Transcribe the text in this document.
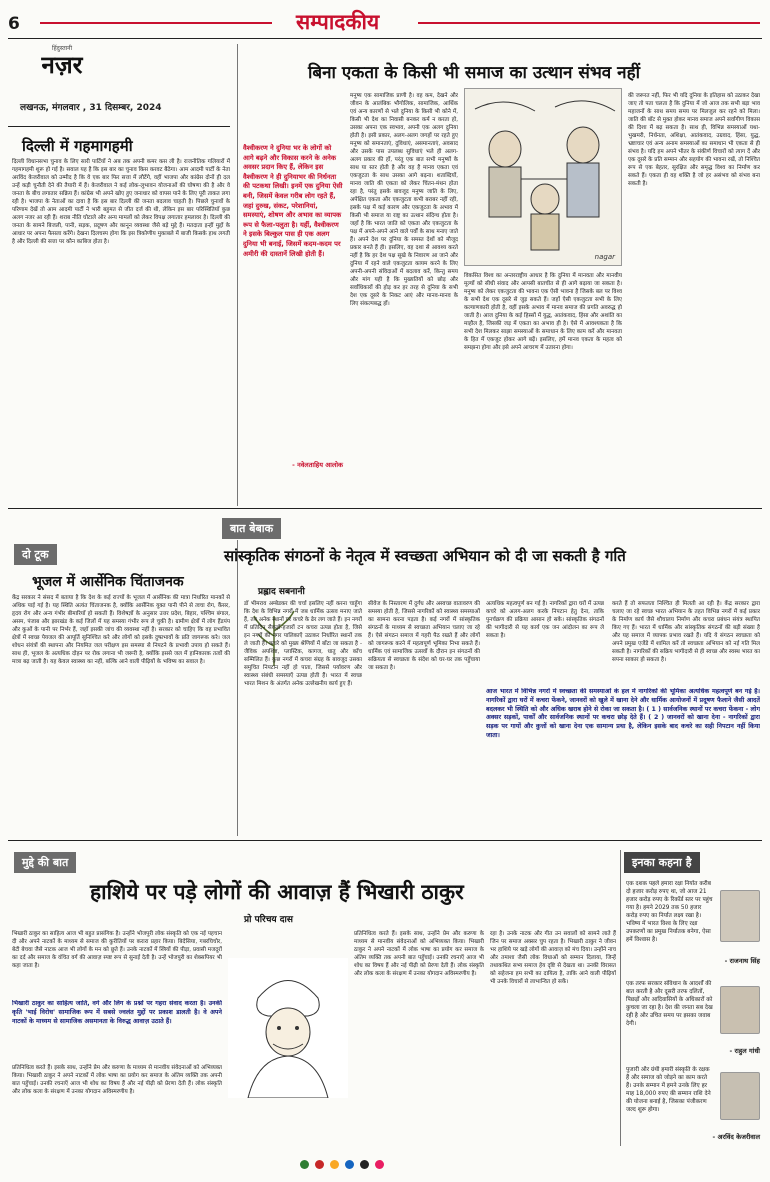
6	सम्पादकीय
हिंदुस्तानी
नज़र
लखनऊ, मंगलवार , 31 दिसम्बर, 2024
दिल्ली में गहमागहमी
दिल्ली विधानसभा चुनाव के लिए सारी पार्टियों ने अब तक अपनी कमर कस ली है। राजनीतिक गलियारों में गहमागहमी शुरू हो गई है। सवाल यह है कि इस बार का चुनाव किस करवट बैठेगा। आम आदमी पार्टी के नेता अरविंद केजरीवाल को उम्मीद है कि वे एक बार फिर सत्ता में लौटेंगे, वहीं भाजपा और कांग्रेस दोनों ही दल उन्हें कड़ी चुनौती देने की तैयारी में हैं। केजरीवाल ने कई लोक-लुभावन योजनाओं की घोषणा की है और वे जनता के बीच लगातार सक्रिय हैं। कांग्रेस भी अपने खोए हुए जनाधार को वापस पाने के लिए पूरी ताकत लगा रही है। भाजपा के नेताओं का दावा है कि इस बार दिल्ली की जनता बदलाव चाहती है। पिछले चुनावों के परिणाम देखें तो आम आदमी पार्टी ने भारी बहुमत से जीत दर्ज की थी, लेकिन इस बार परिस्थितियाँ कुछ अलग नजर आ रही हैं। शराब नीति घोटाले और अन्य मामलों को लेकर विपक्ष लगातार हमलावर है। दिल्ली की जनता के सामने बिजली, पानी, सड़क, प्रदूषण और कानून व्यवस्था जैसे बड़े मुद्दे हैं। मतदाता इन्हीं मुद्दों के आधार पर अपना फैसला करेंगे। देखना दिलचस्प होगा कि इस त्रिकोणीय मुकाबले में बाजी किसके हाथ लगती है और दिल्ली की सत्ता पर कौन काबिज होता है।
बिना एकता के किसी भी समाज का उत्थान संभव नहीं
वैश्वीकरण ने दुनिया भर के लोगों को आगे बढ़ने और विकास करने के अनेक अवसर प्रदान किए हैं, लेकिन इस वैश्वीकरण ने ही दुनियाभर की निर्धनता की पटकथा लिखी। इनमें एक दुनिया ऐसी बनी, जिसमें केवल गरीब लोग रहते हैं, जहां दुरुख, संकट, परेशानियां, समस्याएं, शोषण और अभाव का व्यापक रूप से फैला-पलुता है। यहीं, वैश्वीकरण ने इसके बिल्कुल पास ही एक अलग दुनिया भी बनाई, जिसमें कदम-कदम पर अमीरी की दास्तानें लिखी होती हैं।
- नवेलताहिय आलोक
मनुष्य एक सामाजिक प्राणी है। वह कम, देखने और जीवन के आलंबिक भौगोलिक, सामाजिक, आर्थिक एवं अन्य कारणों से भले दुनिया के किसी भी कोने में, किसी भी देश का निवासी बनकर कर्म न करता हो, उसका अपना एक स्वभाव, अपनी एक अलग दुनिया होती है। इसी प्रकार, अलग-अलग जगहों पर रहते हुए मनुष्य को समानताएं, दुविधाएं, असमानताएं, अवसाद और उसके पास उपलब्ध सुविधाएं भले ही अलग-अलग प्रकार की हों, परंतु एक बात सभी मनुष्यों के साथ या स्तर होती है और वह है मानव एकता एवं एकजुटता के साथ उसका आगे बढ़ना। शताब्दियों, मानव जाति की एकता को लेकर चिंतन-मंथन होता रहा है, परंतु इसके बावजूद मनुष्य जाति के लिए, अपेक्षित एकता और एकजुटता कभी बराबर नहीं रही, इसके पक्ष में कई कारण और एकजुटता के अभाव में किसी भी समाज या राष्ट्र का उत्थान संदिग्ध होता है। जहाँ है कि भारत जाति को एकता और एकजुटता के पक्ष में अपने-अपने आने वाले पर्वों के साथ मनाए जाते हैं। अपने देश पर दुनिया के समस्त देशों को मौजूद प्रकार बनते हैं ही। इसलिए, वह दशा से आवश्य करते नहीं है कि हर देश पक्ष सूखे के निवारण आ जाने और दुनिया में रहने वाले एकजुटता कायम करने के लिए अपनी-अपनी संविदाओं में बदलाव करें, किन्तु समय और मांग यही है कि मुख्यतियों को छोड़ और सर्वाधिकारों की होड़ कर हर तरह से दुनिया के सभी देश एक दूसरे के निकट आएं और मानव-मानव के लिए संकल्पबद्ध हों।
nagar
विकसित विश्व का अन्तरराष्ट्रीय आधार है कि दुनिया में मानवता और मानवीय मूल्यों को सीधी संवाद और आपसी बातचीत से ही आगे बढ़ाया जा सकता है। मनुष्य को लेकर एकजुटता की भावना एक ऐसी भावना है जिसके बल पर विश्व के सभी देश एक दूसरे से जुड़ सकते हैं। जहाँ ऐसी एकजुटता सभी के लिए कल्याणकारी होती है, वहीं इसके अभाव में मानव समाज की प्रगति अवरुद्ध हो जाती है। आज दुनिया के कई हिस्सों में युद्ध, आतंकवाद, हिंसा और अशांति का माहौल है, जिसकी जड़ में एकता का अभाव ही है। ऐसे में आवश्यकता है कि सभी देश मिलकर साझा समस्याओं के समाधान के लिए काम करें और मानवता के हित में एकजुट होकर आगे बढ़ें। इसलिए, हमें मानव एकता के महत्व को समझना होगा और इसे अपने आचरण में उतारना होगा।
की जरूरत नहीं, फिर भी यदि दुनिया के इतिहास को उठाकर देखा जाए तो पता चलता है कि दुनिया में जो आज तक सभी बड़ा भाव महाजनों के साथ समय समय पर मिलजुल कर रहने को मिला। जाति की बाँट से मुक्त होकर मानव समाज अपने सर्वांगीण विकास की दिशा में बढ़ सकता है। साथ ही, विभिन्न समस्याओं यथा-भुखमरी, निर्धनता, अशिक्षा, आतंकवाद, उग्रवाद, हिंसा, युद्ध, भ्रष्टाचार एवं अन्य अनाम समस्याओं का समाधान भी एकता से ही संभव है। यदि हम अपने भीतर के संकीर्ण विचारों को त्याग दें और एक दूसरे के प्रति सम्मान और सहयोग की भावना रखें, तो निश्चित रूप से एक बेहतर, सुरक्षित और समृद्ध विश्व का निर्माण कर सकते हैं। एकता ही वह शक्ति है जो हर असंभव को संभव बना सकती है।
दो टूक
भूजल में आर्सेनिक चिंताजनक
केंद्र सरकार ने संसद में बताया है कि देश के कई राज्यों के भूजल में आर्सेनिक की मात्रा निर्धारित मानकों से अधिक पाई गई है। यह स्थिति अत्यंत चिंताजनक है, क्योंकि आर्सेनिक युक्त पानी पीने से त्वचा रोग, कैंसर, हृदय रोग और अन्य गंभीर बीमारियाँ हो सकती हैं। विशेषज्ञों के अनुसार उत्तर प्रदेश, बिहार, पश्चिम बंगाल, असम, पंजाब और झारखंड के कई जिलों में यह समस्या गंभीर रूप ले चुकी है। ग्रामीण क्षेत्रों में लोग हैंडपंप और कुओं के पानी पर निर्भर हैं, जहाँ इसकी जांच की व्यवस्था नहीं है। सरकार को चाहिए कि वह प्रभावित क्षेत्रों में स्वच्छ पेयजल की आपूर्ति सुनिश्चित करे और लोगों को इसके दुष्प्रभावों के प्रति जागरूक करे। जल शोधन संयंत्रों की स्थापना और नियमित जल परीक्षण इस समस्या से निपटने के प्रभावी उपाय हो सकते हैं। साथ ही, भूजल के अत्यधिक दोहन पर रोक लगाना भी जरूरी है, क्योंकि इससे जल में हानिकारक तत्वों की मात्रा बढ़ जाती है। यह केवल स्वास्थ्य का नहीं, बल्कि आने वाली पीढ़ियों के भविष्य का सवाल है।
बात बेबाक
सांस्कृतिक संगठनों के नेतृत्व में स्वच्छता अभियान को दी जा सकती है गति
प्रह्लाद सबनानी
डॉ भीमराव अम्बेडकर की चर्चा इसलिए नहीं करना चाहूँगा कि देश के विभिन्न नगरों में जब धार्मिक उत्सव मनाए जाते हैं, तब अनेक स्थानों पर कचरे के ढेर लग जाते हैं। इन नगरों में प्रतिदिन सैकड़ों-हजारों टन कचरा उत्पन्न होता है, जिसे इन नगरों की नगर पालिकाएँ उठाकर निर्धारित स्थानों तक ले जाती हैं। कचरे को मुख्य श्रेणियों में बाँटा जा सकता है - जैविक अपशिष्ट, प्लास्टिक, कागज, धातु और काँच सम्मिलित हैं। कुछ नगरों में कचरा संग्रह के बावजूद उसका समुचित निपटान नहीं हो पाता, जिससे पर्यावरण और स्वास्थ्य संबंधी समस्याएँ उत्पन्न होती हैं। भारत में स्वच्छ भारत मिशन के अंतर्गत अनेक उल्लेखनीय कार्य हुए हैं।
सीवेज के निस्तारण में दुर्गंध और अस्वच्छ वातावरण की समस्या होती है, जिससे नागरिकों को स्वास्थ्य समस्याओं का सामना करना पड़ता है। कई नगरों में सांस्कृतिक संगठनों के माध्यम से स्वच्छता अभियान चलाए जा रहे हैं। ऐसे संगठन समाज में गहरी पैठ रखते हैं और लोगों को जागरूक करने में महत्वपूर्ण भूमिका निभा सकते हैं। धार्मिक एवं सामाजिक उत्सवों के दौरान इन संगठनों की सक्रियता से स्वच्छता के संदेश को घर-घर तक पहुँचाया जा सकता है।
अत्यधिक महत्वपूर्ण बन गई है। नागरिकों द्वारा घरों में उत्पन्न कचरे को अलग-अलग करके निपटान हेतु देना, ताकि पुनर्चक्रण की प्रक्रिया आसान हो सके। सांस्कृतिक संगठनों की भागीदारी से यह कार्य एक जन आंदोलन का रूप ले सकता है।
आज भारत में विभिन्न नगरों में स्वच्छता की समस्याओं के हल में नागरिकों की भूमिका अत्यधिक महत्वपूर्ण बन गई है। नागरिकों द्वारा घरों में कचरा फेंकने, जानवरों को खुले में खाना देने और धार्मिक आयोजनों में प्रदूषण फैलाने जैसी आदतें बदलकर भी स्थिति को और अधिक खराब होने से रोका जा सकता है। ( 1 ) सार्वजनिक स्थानों पर कचरा फेंकना - लोग अक्सर सड़कों, पार्कों और सार्वजनिक स्थानों पर कचरा छोड़ देते हैं। ( 2 ) जानवरों को खाना देना - नागरिकों द्वारा सड़क पर गायों और कुत्तों को खाना देना एक सामान्य प्रथा है, लेकिन इसके बाद कचरे का सही निपटान नहीं किया जाता।
करते हैं तो सफलता निश्चित ही मिलती आ रही है। केंद्र सरकार द्वारा चलाए जा रहे स्वच्छ भारत अभियान के तहत विभिन्न नगरों में कई प्रकार के निर्माण कार्य जैसे शौचालय निर्माण और कचरा प्रबंधन संयंत्र स्थापित किए गए हैं। भारत में धार्मिक और सांस्कृतिक संगठनों की बड़ी संख्या है और यह समाज में व्यापक प्रभाव रखते हैं। यदि ये संगठन स्वच्छता को अपने प्रमुख एजेंडे में शामिल करें तो स्वच्छता अभियान को नई गति मिल सकती है। नागरिकों की सक्रिय भागीदारी से ही स्वच्छ और स्वस्थ भारत का सपना साकार हो सकता है।
मुद्दे की बात
हाशिये पर पड़े लोगों की आवाज़ हैं भिखारी ठाकुर
प्रो परिचय दास
भिखारी ठाकुर का साहित्य आज भी बहुत प्रासंगिक है। उन्होंने भोजपुरी लोक संस्कृति को एक नई पहचान दी और अपने नाटकों के माध्यम से समाज की कुरीतियों पर करारा प्रहार किया। बिदेसिया, गबरघिचोर, बेटी बेचवा जैसे नाटक आज भी लोगों के मन को छूते हैं। उनके नाटकों में स्त्रियों की पीड़ा, प्रवासी मजदूरों का दर्द और समाज के वंचित वर्ग की आवाज़ स्पष्ट रूप से सुनाई देती है। उन्हें भोजपुरी का शेक्सपियर भी कहा जाता है।
भिखारी ठाकुर का साहित्य जाति, वर्ग और लिंग के प्रश्नों पर गहरा संवाद करता है। उनकी कृति 'भाई विरोध' सामाजिक रूप में सबसे ज्वलंत मुद्दों पर प्रकाश डालती है। वे अपने नाटकों के माध्यम से सामाजिक असमानता के विरुद्ध आवाज़ उठाते हैं।
प्रतिनिधित्व करते हैं। इसके साथ, उन्होंने प्रेम और करुणा के माध्यम से मानवीय संवेदनाओं को अभिव्यक्त किया। भिखारी ठाकुर ने अपने नाटकों में लोक भाषा का प्रयोग कर समाज के अंतिम व्यक्ति तक अपनी बात पहुँचाई। उनकी रचनाएँ आज भी शोध का विषय हैं और नई पीढ़ी को प्रेरणा देती हैं। लोक संस्कृति और लोक कला के संरक्षण में उनका योगदान अविस्मरणीय है।
प्रतिनिधित्व करते हैं। इसके साथ, उन्होंने प्रेम और करुणा के माध्यम से मानवीय संवेदनाओं को अभिव्यक्त किया। भिखारी ठाकुर ने अपने नाटकों में लोक भाषा का प्रयोग कर समाज के अंतिम व्यक्ति तक अपनी बात पहुँचाई। उनकी रचनाएँ आज भी शोध का विषय हैं और नई पीढ़ी को प्रेरणा देती हैं। लोक संस्कृति और लोक कला के संरक्षण में उनका योगदान अविस्मरणीय है।
रहा है। उनके नाटक और गीत उन सवालों को सामने लाते हैं जिन पर समाज अक्सर चुप रहता है। भिखारी ठाकुर ने जीवन भर हाशिये पर खड़े लोगों की आवाज़ को मंच दिया। उन्होंने नाच और तमाशा जैसी लोक विधाओं को सम्मान दिलाया, जिन्हें तथाकथित सभ्य समाज हेय दृष्टि से देखता था। उनकी विरासत को सहेजना हम सभी का दायित्व है, ताकि आने वाली पीढ़ियाँ भी उनके विचारों से लाभान्वित हो सकें।
इनका कहना है
एक दशक पहले हमारा रक्षा निर्यात करीब दो हजार करोड़ रुपए था, जो आज 21 हजार करोड़ रुपए के रिकॉर्ड स्तर पर पहुंच गया है। हमने 2029 तक 50 हजार करोड़ रुपए का निर्यात लक्ष्य रखा है। भविष्य में भारत विश्व के लिए रक्षा उपकरणों का प्रमुख निर्यातक बनेगा, ऐसा हमें विश्वास है।
- राजनाथ सिंह
एक तरफ सरकार संविधान के आदर्शों की बात करती है और दूसरी तरफ दलितों, पिछड़ों और आदिवासियों के अधिकारों को कुचला जा रहा है। देश की जनता सब देख रही है और उचित समय पर इसका जवाब देगी।
- राहुल गांधी
पुजारी और ग्रंथी हमारी संस्कृति के रक्षक हैं और समाज को जोड़ने का काम करते हैं। उनके सम्मान में हमने उनके लिए हर माह 18,000 रुपए की सम्मान राशि देने की योजना बनाई है, जिसका पंजीकरण जल्द शुरू होगा।
- अरविंद केजरीवाल
